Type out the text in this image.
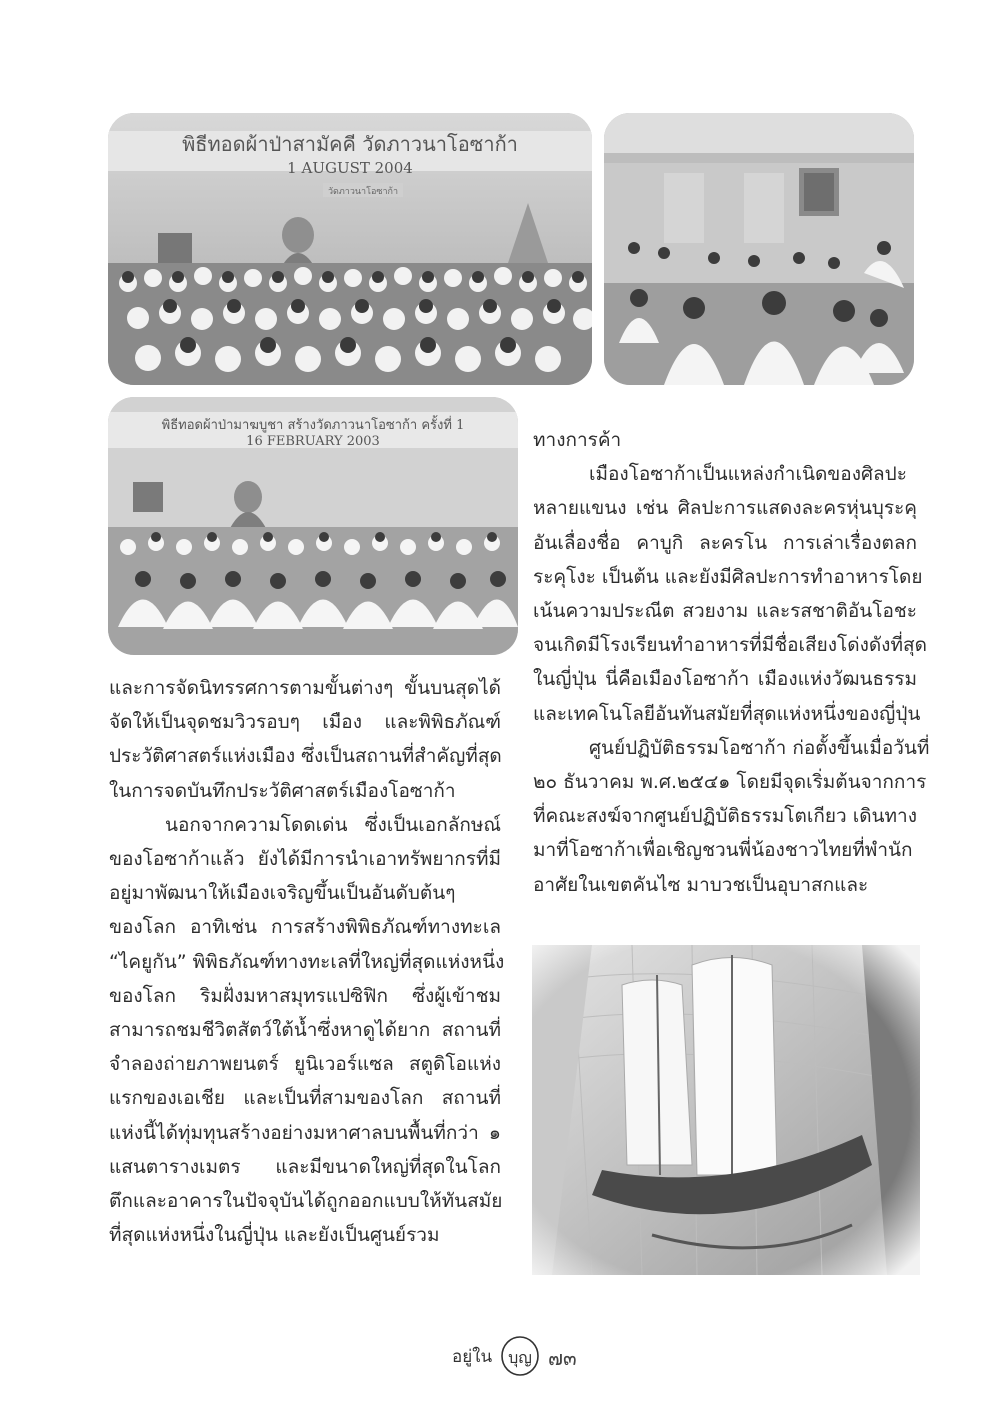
พิธีทอดผ้าป่าสามัคคี วัดภาวนาโอซาก้า
1 AUGUST 2004
วัดภาวนาโอซาก้า
พิธีทอดผ้าป่ามาฆบูชา สร้างวัดภาวนาโอซาก้า ครั้งที่ 1
16 FEBRUARY 2003	ทางการค้า

เมืองโอซาก้าเป็นแหล่งกำเนิดของศิลปะ

หลายแขนง เช่น ศิลปะการแสดงละครหุ่นบุระคุ

อันเลื่องชื่อ คาบูกิ ละครโน การเล่าเรื่องตลก

ระคุโงะ เป็นต้น และยังมีศิลปะการทำอาหารโดย

เน้นความประณีต สวยงาม และรสชาติอันโอชะ

จนเกิดมีโรงเรียนทำอาหารที่มีชื่อเสียงโด่งดังที่สุด

ในญี่ปุ่น นี่คือเมืองโอซาก้า เมืองแห่งวัฒนธรรม

และเทคโนโลยีอันทันสมัยที่สุดแห่งหนึ่งของญี่ปุ่น

ศูนย์ปฏิบัติธรรมโอซาก้า ก่อตั้งขึ้นเมื่อวันที่

๒๐ ธันวาคม พ.ศ.๒๕๔๑ โดยมีจุดเริ่มต้นจากการ

ที่คณะสงฆ์จากศูนย์ปฏิบัติธรรมโตเกียว เดินทาง

มาที่โอซาก้าเพื่อเชิญชวนพี่น้องชาวไทยที่พำนัก

อาศัยในเขตคันไซ มาบวชเป็นอุบาสกและ

และการจัดนิทรรศการตามขั้นต่างๆ ขั้นบนสุดได้

จัดให้เป็นจุดชมวิวรอบๆ เมือง และพิพิธภัณฑ์

ประวัติศาสตร์แห่งเมือง ซึ่งเป็นสถานที่สำคัญที่สุด

ในการจดบันทึกประวัติศาสตร์เมืองโอซาก้า

นอกจากความโดดเด่น ซึ่งเป็นเอกลักษณ์

ของโอซาก้าแล้ว ยังได้มีการนำเอาทรัพยากรที่มี

อยู่มาพัฒนาให้เมืองเจริญขึ้นเป็นอันดับต้นๆ

ของโลก อาทิเช่น การสร้างพิพิธภัณฑ์ทางทะเล

“ไคยูกัน” พิพิธภัณฑ์ทางทะเลที่ใหญ่ที่สุดแห่งหนึ่ง

ของโลก ริมฝั่งมหาสมุทรแปซิฟิก ซึ่งผู้เข้าชม

สามารถชมชีวิตสัตว์ใต้น้ำซึ่งหาดูได้ยาก สถานที่

จำลองถ่ายภาพยนตร์ ยูนิเวอร์แซล สตูดิโอแห่ง

แรกของเอเชีย และเป็นที่สามของโลก สถานที่

แห่งนี้ได้ทุ่มทุนสร้างอย่างมหาศาลบนพื้นที่กว่า ๑

แสนตารางเมตร และมีขนาดใหญ่ที่สุดในโลก

ตึกและอาคารในปัจจุบันได้ถูกออกแบบให้ทันสมัย

ที่สุดแห่งหนึ่งในญี่ปุ่น และยังเป็นศูนย์รวม

อยู่ใน บุญ ๗๓
